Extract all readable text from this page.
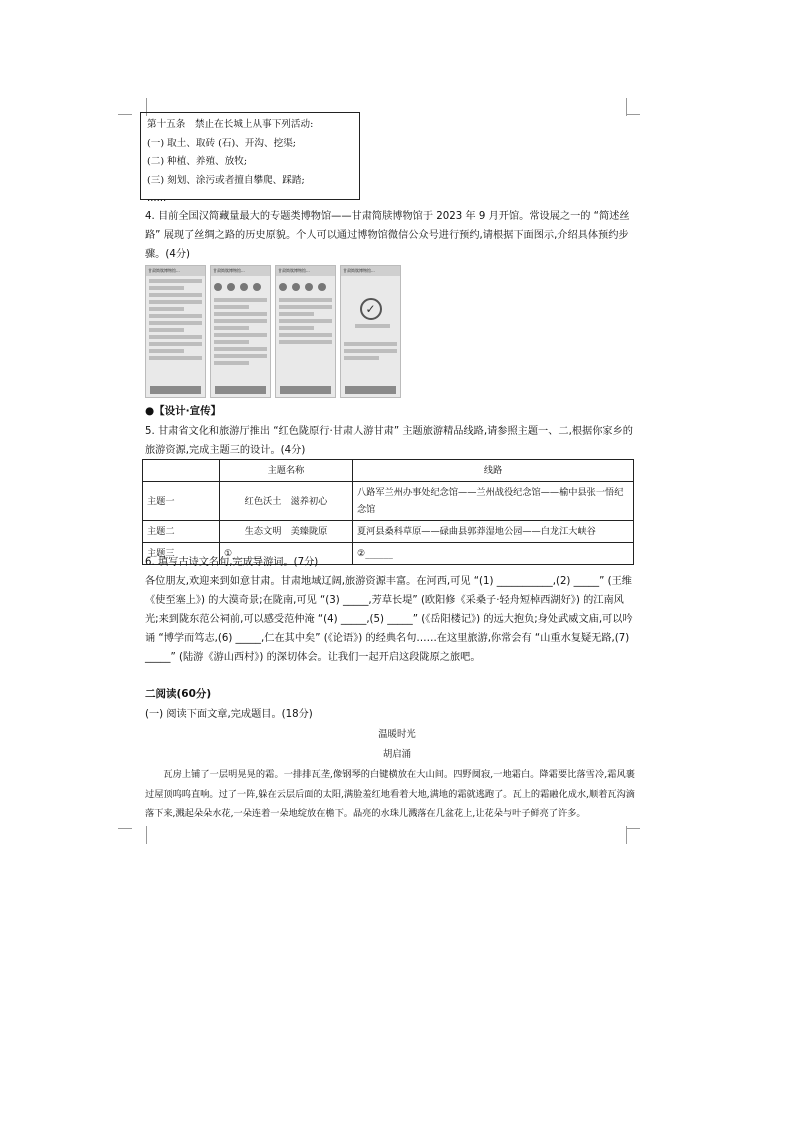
第十五条　禁止在长城上从事下列活动:
(一) 取土、取砖 (石)、开沟、挖渠;
(二) 种植、养殖、放牧;
(三) 刻划、涂污或者擅自攀爬、踩踏;
……

4. 目前全国汉简藏量最大的专题类博物馆——甘肃简牍博物馆于 2023 年 9 月开馆。常设展之一的 “简述丝路” 展现了丝绸之路的历史原貌。个人可以通过博物馆微信公众号进行预约,请根据下面图示,介绍具体预约步骤。(4分)

甘肃简牍博物馆...	甘肃简牍博物馆...	甘肃简牍博物馆...	甘肃简牍博物馆...
✓
●【设计·宣传】

5. 甘肃省文化和旅游厅推出 “红色陇原行·甘肃人游甘肃” 主题旅游精品线路,请参照主题一、二,根据你家乡的旅游资源,完成主题三的设计。(4分)

	主题名称	线路
主题一	红色沃土　滋养初心	八路军兰州办事处纪念馆——兰州战役纪念馆——榆中县张一悟纪念馆
主题二	生态文明　美臻陇原	夏河县桑科草原——碌曲县郭莽湿地公园——白龙江大峡谷
主题三	①______	②______

6. 填写古诗文名句,完成导游词。(7分)

各位朋友,欢迎来到如意甘肃。甘肃地域辽阔,旅游资源丰富。在河西,可见 “(1) ___________,(2) _____” (王维《使至塞上》) 的大漠奇景;在陇南,可见 “(3) _____,芳草长堤” (欧阳修《采桑子·轻舟短棹西湖好》) 的江南风光;来到陇东范公祠前,可以感受范仲淹 “(4) _____,(5) _____” (《岳阳楼记》) 的远大抱负;身处武威文庙,可以吟诵 “博学而笃志,(6) _____,仁在其中矣” (《论语》) 的经典名句……在这里旅游,你常会有 “山重水复疑无路,(7) _____” (陆游《游山西村》) 的深切体会。让我们一起开启这段陇原之旅吧。

二阅读(60分)
(一) 阅读下面文章,完成题目。(18分)
温暖时光
胡启涌
瓦房上铺了一层明晃晃的霜。一排排瓦垄,像钢琴的白键横放在大山间。四野阒寂,一地霜白。降霜要比落雪冷,霜风裹过屋顶呜呜直响。过了一阵,躲在云层后面的太阳,满脸羞红地看着大地,满地的霜就逃跑了。瓦上的霜融化成水,顺着瓦沟滴落下来,溅起朵朵水花,一朵连着一朵地绽放在檐下。晶亮的水珠儿溅落在几盆花上,让花朵与叶子鲜亮了许多。
